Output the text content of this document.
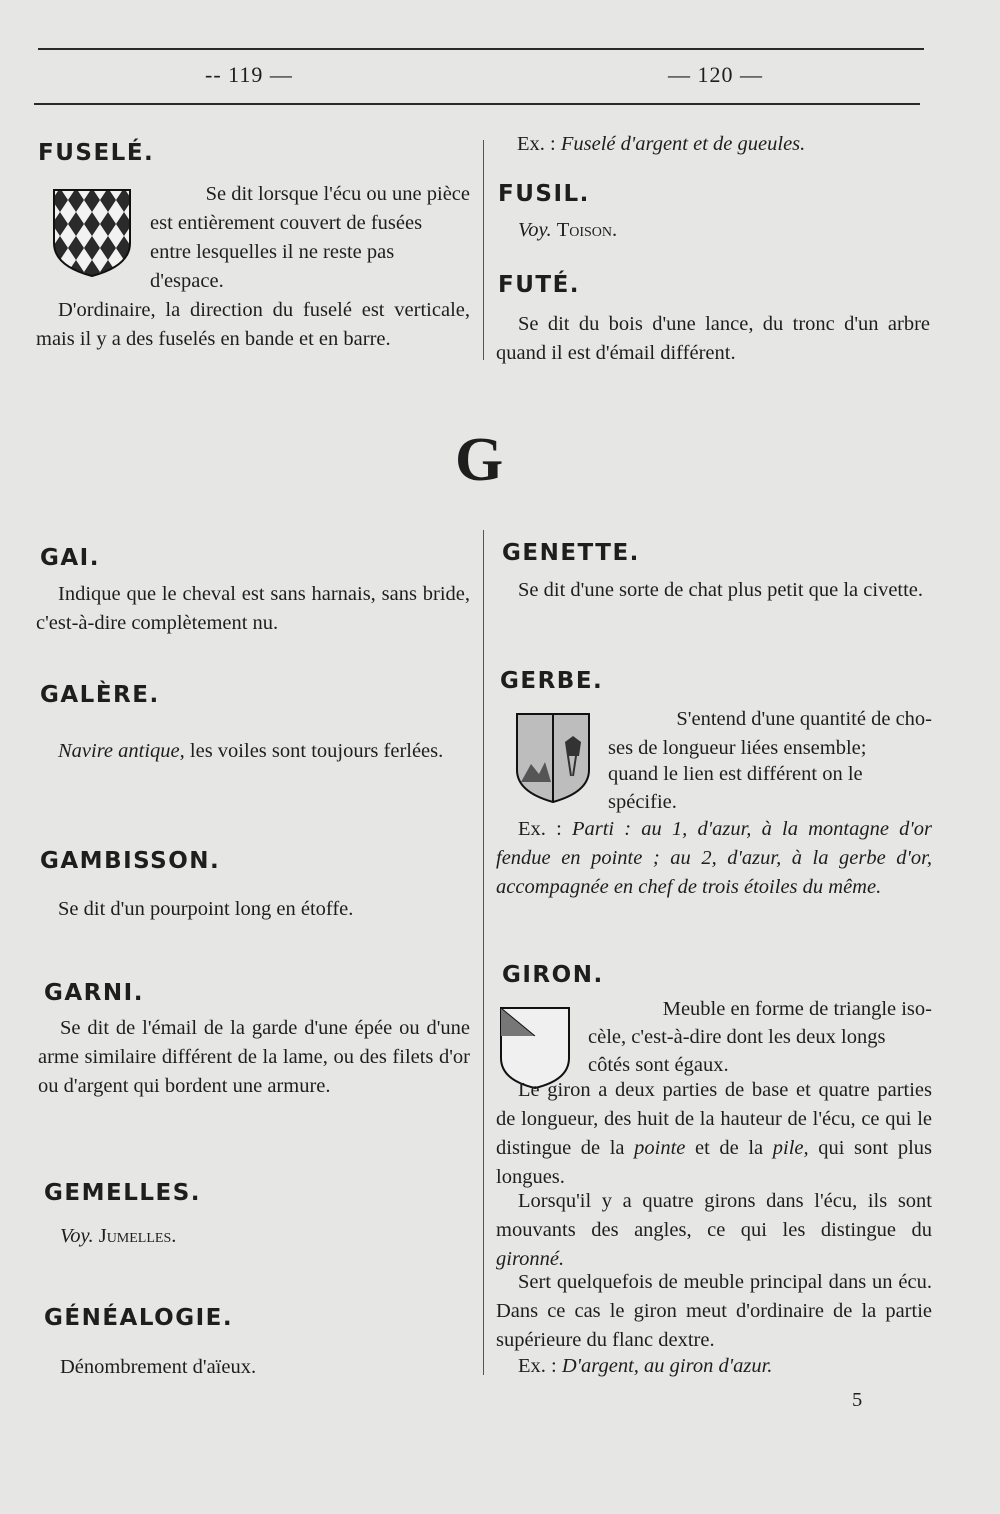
-- 119 —	— 120 —
FUSELÉ.
Se dit lorsque l'écu ou une pièce
est entièrement couvert de fusées
entre lesquelles il ne reste pas
d'espace.

D'ordinaire, la direction du fuselé est verticale, mais il y a des fuselés en bande et en barre.

Ex. : Fuselé d'argent et de gueules.
FUSIL.
Voy. Toison.
FUTÉ.

Se dit du bois d'une lance, du tronc d'un arbre quand il est d'émail différent.

G
GAI.

Indique que le cheval est sans harnais, sans bride, c'est-à-dire complètement nu.

GALÈRE.

Navire antique, les voiles sont toujours ferlées.

GAMBISSON.

Se dit d'un pourpoint long en étoffe.

GARNI.

Se dit de l'émail de la garde d'une épée ou d'une arme similaire différent de la lame, ou des filets d'or ou d'argent qui bordent une armure.

GEMELLES.
Voy. Jumelles.
GÉNÉALOGIE.

Dénombrement d'aïeux.

GENETTE.

Se dit d'une sorte de chat plus petit que la civette.

GERBE.
S'entend d'une quantité de cho-
ses de longueur liées ensemble;
quand le lien est différent on le
spécifie.

Ex. : Parti : au 1, d'azur, à la montagne d'or fendue en pointe ; au 2, d'azur, à la gerbe d'or, accompagnée en chef de trois étoiles du même.

GIRON.
Meuble en forme de triangle iso-
cèle, c'est-à-dire dont les deux longs
côtés sont égaux.

Le giron a deux parties de base et quatre parties de longueur, des huit de la hauteur de l'écu, ce qui le distingue de la pointe et de la pile, qui sont plus longues.

Lorsqu'il y a quatre girons dans l'écu, ils sont mouvants des angles, ce qui les distingue du gironné.

Sert quelquefois de meuble principal dans un écu. Dans ce cas le giron meut d'ordinaire de la partie supérieure du flanc dextre.

Ex. : D'argent, au giron d'azur.

5
